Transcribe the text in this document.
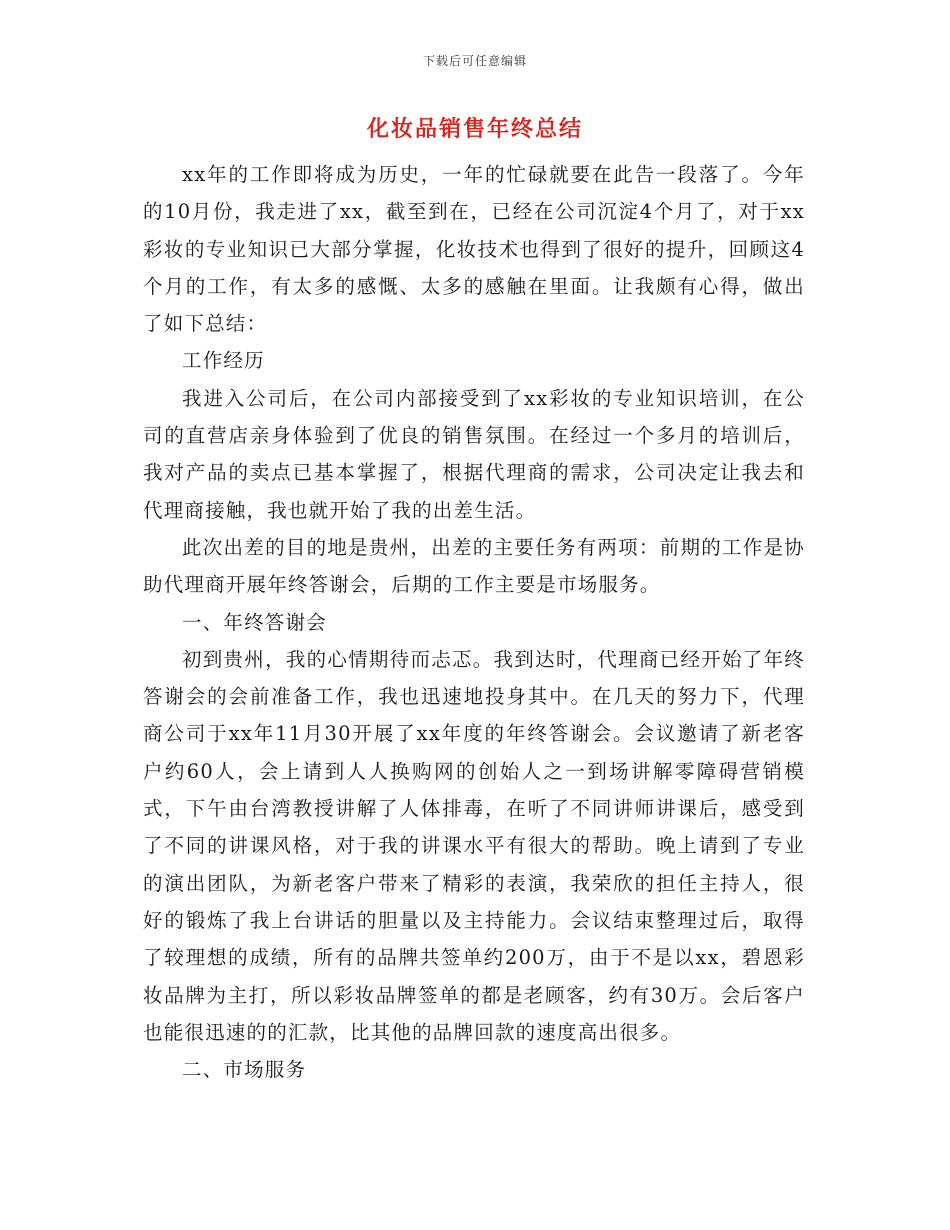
下载后可任意编辑
化妆品销售年终总结

xx年的工作即将成为历史，一年的忙碌就要在此告一段落了。今年的10月份，我走进了xx，截至到在，已经在公司沉淀4个月了，对于xx彩妆的专业知识已大部分掌握，化妆技术也得到了很好的提升，回顾这4个月的工作，有太多的感慨、太多的感触在里面。让我颇有心得，做出了如下总结：

工作经历

我进入公司后，在公司内部接受到了xx彩妆的专业知识培训，在公司的直营店亲身体验到了优良的销售氛围。在经过一个多月的培训后，我对产品的卖点已基本掌握了，根据代理商的需求，公司决定让我去和代理商接触，我也就开始了我的出差生活。

此次出差的目的地是贵州，出差的主要任务有两项：前期的工作是协助代理商开展年终答谢会，后期的工作主要是市场服务。

一、年终答谢会

初到贵州，我的心情期待而忐忑。我到达时，代理商已经开始了年终答谢会的会前准备工作，我也迅速地投身其中。在几天的努力下，代理商公司于xx年11月30开展了xx年度的年终答谢会。会议邀请了新老客户约60人，会上请到人人换购网的创始人之一到场讲解零障碍营销模式，下午由台湾教授讲解了人体排毒，在听了不同讲师讲课后，感受到了不同的讲课风格，对于我的讲课水平有很大的帮助。晚上请到了专业的演出团队，为新老客户带来了精彩的表演，我荣欣的担任主持人，很好的锻炼了我上台讲话的胆量以及主持能力。会议结束整理过后，取得了较理想的成绩，所有的品牌共签单约200万，由于不是以xx，碧恩彩妆品牌为主打，所以彩妆品牌签单的都是老顾客，约有30万。会后客户也能很迅速的的汇款，比其他的品牌回款的速度高出很多。

二、市场服务
